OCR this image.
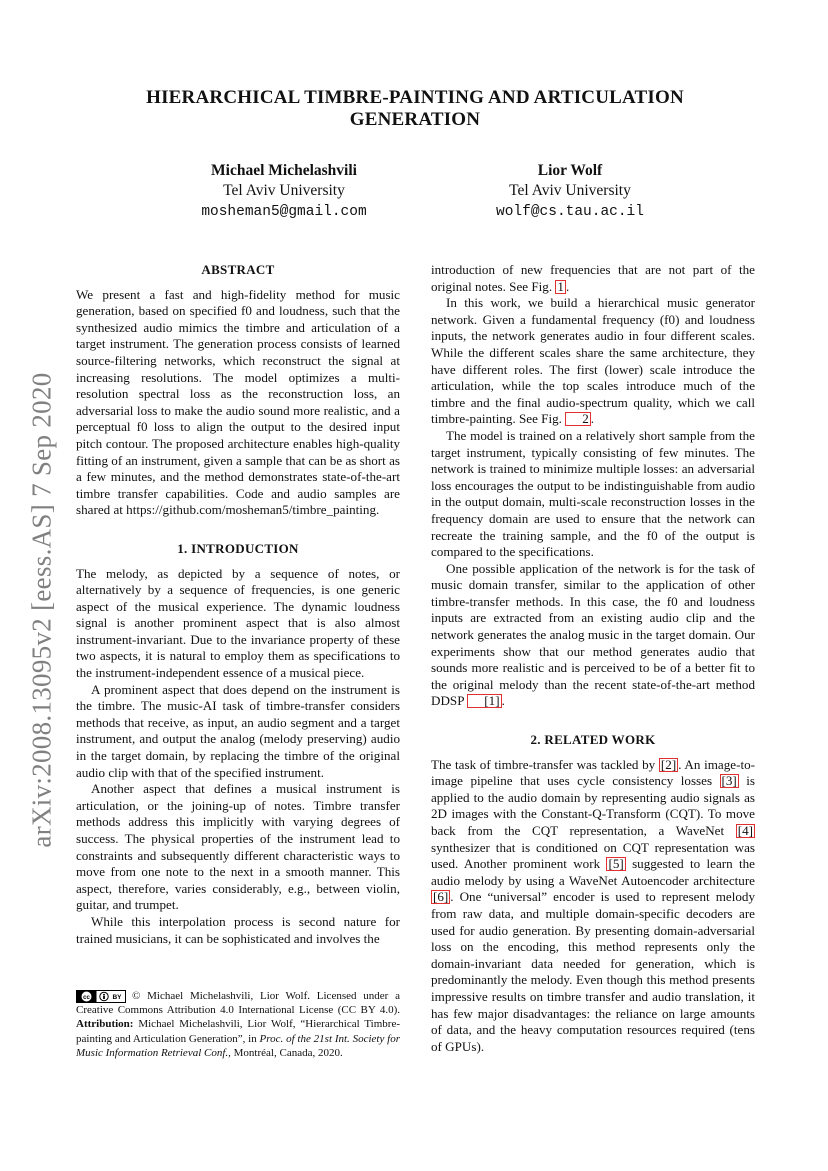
arXiv:2008.13095v2 [eess.AS] 7 Sep 2020
HIERARCHICAL TIMBRE-PAINTING AND ARTICULATION GENERATION
Michael Michelashvili
Tel Aviv University
mosheman5@gmail.com
Lior Wolf
Tel Aviv University
wolf@cs.tau.ac.il
ABSTRACT

We present a fast and high-fidelity method for music generation, based on specified f0 and loudness, such that the synthesized audio mimics the timbre and articulation of a target instrument. The generation process consists of learned source-filtering networks, which reconstruct the signal at increasing resolutions. The model optimizes a multi-resolution spectral loss as the reconstruction loss, an adversarial loss to make the audio sound more realistic, and a perceptual f0 loss to align the output to the desired input pitch contour. The proposed architecture enables high-quality fitting of an instrument, given a sample that can be as short as a few minutes, and the method demonstrates state-of-the-art timbre transfer capabilities. Code and audio samples are shared at https://github.com/mosheman5/timbre_painting.

1. INTRODUCTION

The melody, as depicted by a sequence of notes, or alternatively by a sequence of frequencies, is one generic aspect of the musical experience. The dynamic loudness signal is another prominent aspect that is also almost instrument-invariant. Due to the invariance property of these two aspects, it is natural to employ them as specifications to the instrument-independent essence of a musical piece.

A prominent aspect that does depend on the instrument is the timbre. The music-AI task of timbre-transfer considers methods that receive, as input, an audio segment and a target instrument, and output the analog (melody preserving) audio in the target domain, by replacing the timbre of the original audio clip with that of the specified instrument.

Another aspect that defines a musical instrument is articulation, or the joining-up of notes. Timbre transfer methods address this implicitly with varying degrees of success. The physical properties of the instrument lead to constraints and subsequently different characteristic ways to move from one note to the next in a smooth manner. This aspect, therefore, varies considerably, e.g., between violin, guitar, and trumpet.

While this interpolation process is second nature for trained musicians, it can be sophisticated and involves the

introduction of new frequencies that are not part of the original notes. See Fig. 1 .

In this work, we build a hierarchical music generator network. Given a fundamental frequency (f0) and loudness inputs, the network generates audio in four different scales. While the different scales share the same architecture, they have different roles. The first (lower) scale introduce the articulation, while the top scales introduce much of the timbre and the final audio-spectrum quality, which we call timbre-painting. See Fig. 2 .

The model is trained on a relatively short sample from the target instrument, typically consisting of few minutes. The network is trained to minimize multiple losses: an adversarial loss encourages the output to be indistinguishable from audio in the output domain, multi-scale reconstruction losses in the frequency domain are used to ensure that the network can recreate the training sample, and the f0 of the output is compared to the specifications.

One possible application of the network is for the task of music domain transfer, similar to the application of other timbre-transfer methods. In this case, the f0 and loudness inputs are extracted from an existing audio clip and the network generates the analog music in the target domain. Our experiments show that our method generates audio that sounds more realistic and is perceived to be of a better fit to the original melody than the recent state-of-the-art method DDSP [1] .

2. RELATED WORK

The task of timbre-transfer was tackled by [2] . An image-to-image pipeline that uses cycle consistency losses [3] is applied to the audio domain by representing audio signals as 2D images with the Constant-Q-Transform (CQT). To move back from the CQT representation, a WaveNet [4] synthesizer that is conditioned on CQT representation was used. Another prominent work [5] suggested to learn the audio melody by using a WaveNet Autoencoder architecture [6] . One “universal” encoder is used to represent melody from raw data, and multiple domain-specific decoders are used for audio generation. By presenting domain-adversarial loss on the encoding, this method represents only the domain-invariant data needed for generation, which is predominantly the melody. Even though this method presents impressive results on timbre transfer and audio translation, it has few major disadvantages: the reliance on large amounts of data, and the heavy computation resources required (tens of GPUs).

cc	BY © Michael Michelashvili, Lior Wolf. Licensed under a Creative Commons Attribution 4.0 International License (CC BY 4.0). Attribution: Michael Michelashvili, Lior Wolf, “Hierarchical Timbre-painting and Articulation Generation”, in Proc. of the 21st Int. Society for Music Information Retrieval Conf., Montréal, Canada, 2020.
